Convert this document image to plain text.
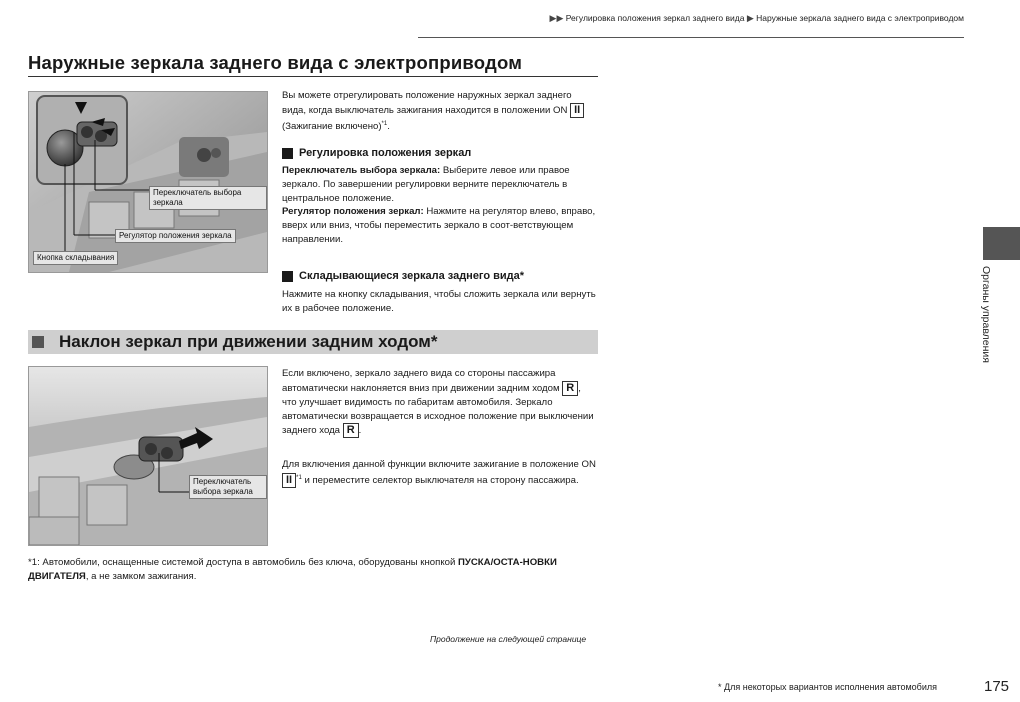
▶▶ Регулировка положения зеркал заднего вида ▶ Наружные зеркала заднего вида с электроприводом
Наружные зеркала заднего вида с электроприводом
Переключатель выбора зеркала
Регулятор положения зеркала
Кнопка складывания
Вы можете отрегулировать положение наружных зеркал заднего вида, когда выключатель зажигания находится в положении ON II (Зажигание включено)$^{*1}$.
Регулировка положения зеркал
Переключатель выбора зеркала: Выберите левое или правое зеркало. По завершении регулировки верните переключатель в центральное положение.
Регулятор положения зеркал: Нажмите на регулятор влево, вправо, вверх или вниз, чтобы переместить зеркало в соот-ветствующем направлении.
Складывающиеся зеркала заднего вида*
Нажмите на кнопку складывания, чтобы сложить зеркала или вернуть их в рабочее положение.
Наклон зеркал при движении задним ходом*
Переключатель выбора зеркала
Если включено, зеркало заднего вида со стороны пассажира автоматически наклоняется вниз при движении задним ходом R , что улучшает видимость по габаритам автомобиля. Зеркало автоматически возвращается в исходное положение при выключении заднего хода R .
Для включения данной функции включите зажигание в положение ON II $^{*1}$ и переместите селектор выключателя на сторону пассажира.
*1: Автомобили, оснащенные системой доступа в автомобиль без ключа, оборудованы кнопкой ПУСКА/ОСТА-НОВКИ ДВИГАТЕЛЯ, а не замком зажигания.
Продолжение на следующей странице
Органы управления
* Для некоторых вариантов исполнения автомобиля	175
